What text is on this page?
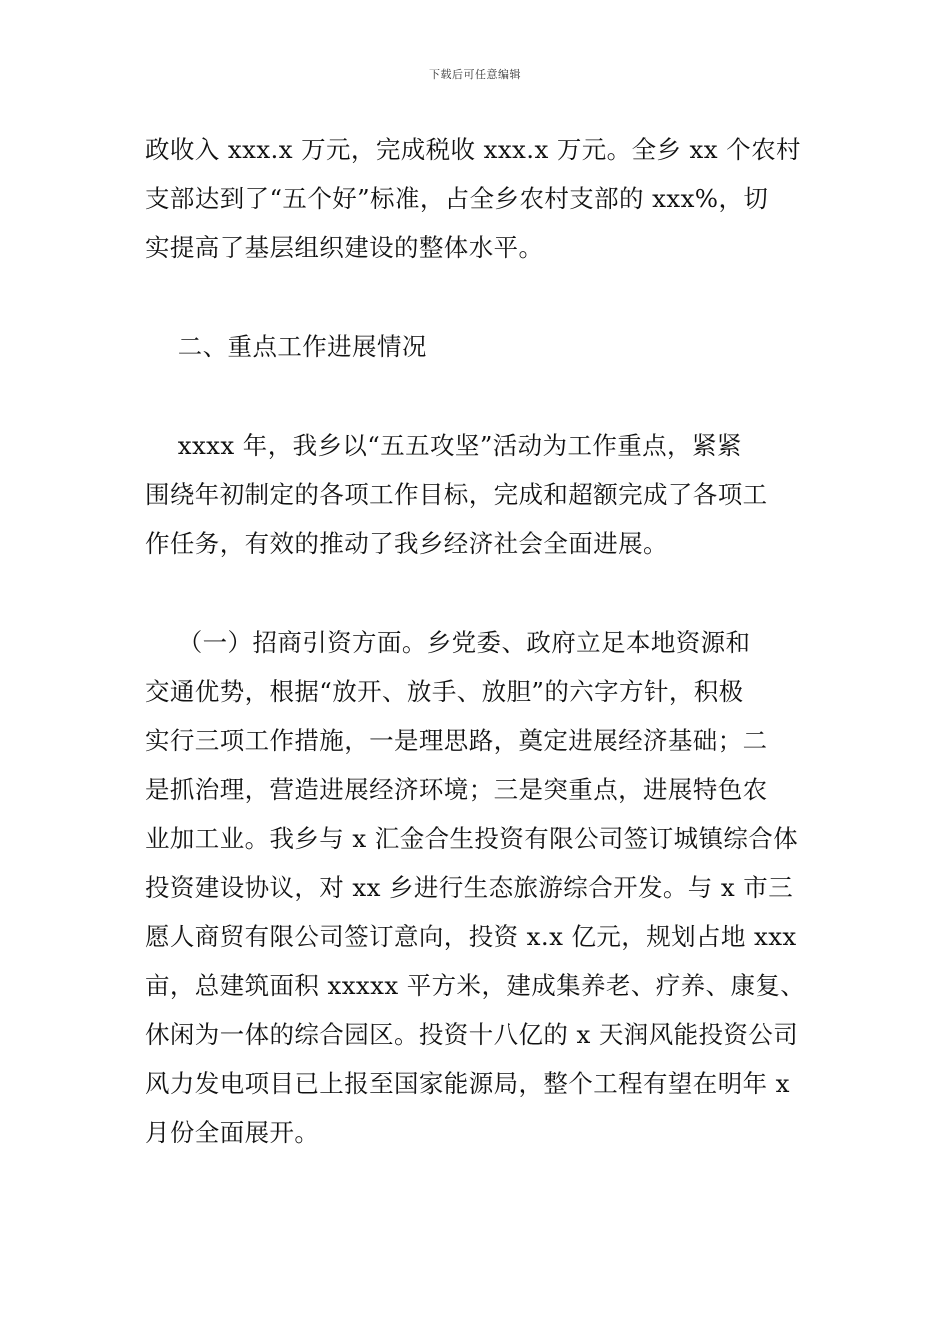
下载后可任意编辑
政收入 xxx.x 万元，完成税收 xxx.x 万元。全乡 xx 个农村
支部达到了“五个好”标准，占全乡农村支部的 xxx%，切
实提高了基层组织建设的整体水平。
二、重点工作进展情况
xxxx 年，我乡以“五五攻坚”活动为工作重点，紧紧
围绕年初制定的各项工作目标，完成和超额完成了各项工
作任务，有效的推动了我乡经济社会全面进展。
（一）招商引资方面。乡党委、政府立足本地资源和
交通优势，根据“放开、放手、放胆”的六字方针，积极
实行三项工作措施，一是理思路，奠定进展经济基础；二
是抓治理，营造进展经济环境；三是突重点，进展特色农
业加工业。我乡与 x 汇金合生投资有限公司签订城镇综合体
投资建设协议，对 xx 乡进行生态旅游综合开发。与 x 市三
愿人商贸有限公司签订意向，投资 x.x 亿元，规划占地 xxx
亩，总建筑面积 xxxxx 平方米，建成集养老、疗养、康复、
休闲为一体的综合园区。投资十八亿的 x 天润风能投资公司
风力发电项目已上报至国家能源局，整个工程有望在明年 x
月份全面展开。
